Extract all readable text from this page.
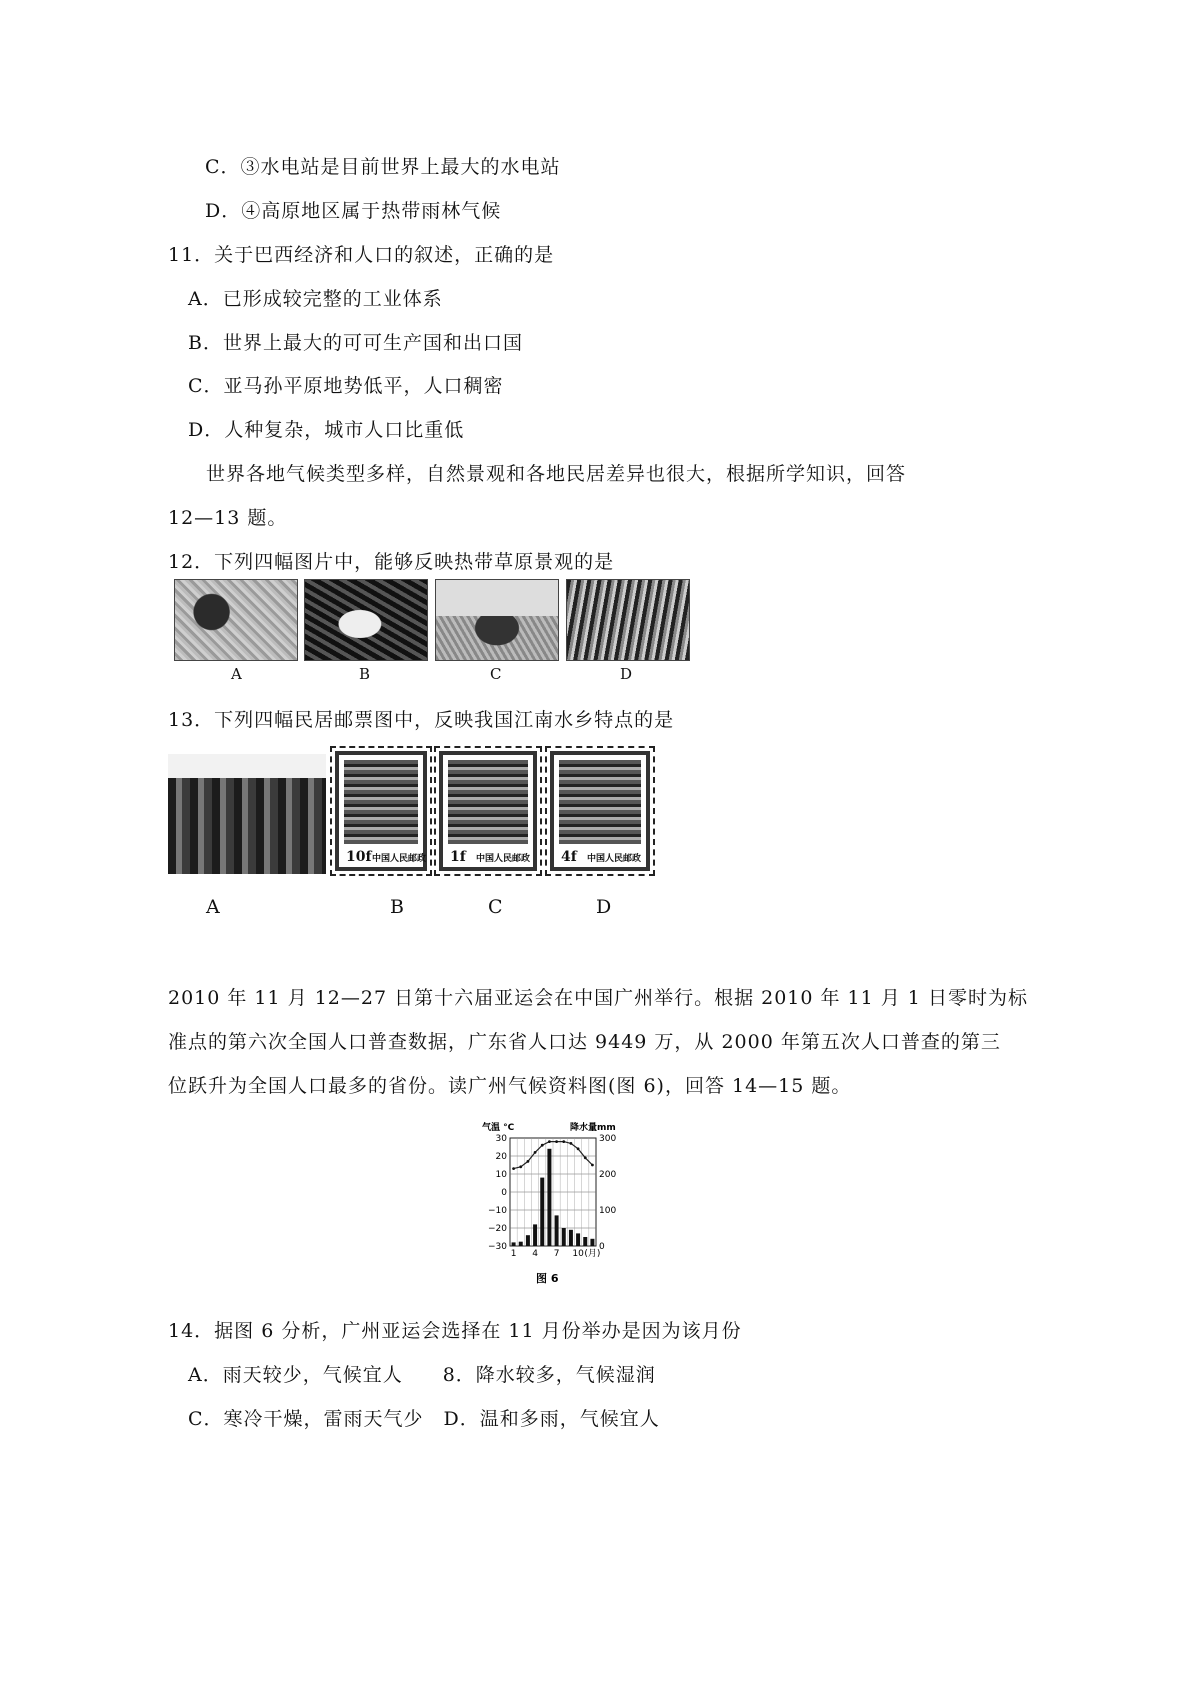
C．③水电站是目前世界上最大的水电站
D．④高原地区属于热带雨林气候
11．关于巴西经济和人口的叙述，正确的是
A．已形成较完整的工业体系
B．世界上最大的可可生产国和出口国
C．亚马孙平原地势低平，人口稠密
D．人种复杂，城市人口比重低
世界各地气候类型多样，自然景观和各地民居差异也很大，根据所学知识，回答
12—13 题。
12．下列四幅图片中，能够反映热带草原景观的是
A	B	C	D
13．下列四幅民居邮票图中，反映我国江南水乡特点的是
10f 中国人民邮政 1f 中国人民邮政 4f 中国人民邮政
A	B	C	D
2010 年 11 月 12—27 日第十六届亚运会在中国广州举行。根据 2010 年 11 月 1 日零时为标
准点的第六次全国人口普查数据，广东省人口达 9449 万，从 2000 年第五次人口普查的第三
位跃升为全国人口最多的省份。读广州气候资料图(图 6)，回答 14—15 题。
气温 °C	降水量mm
30
20
10
0
−10
−20
−30
300
200
100
0
1 4 7 10 (月)
图 6
14．据图 6 分析，广州亚运会选择在 11 月份举办是因为该月份
A．雨天较少，气候宜人　　8．降水较多，气候湿润
C．寒冷干燥，雷雨天气少　D．温和多雨，气候宜人
